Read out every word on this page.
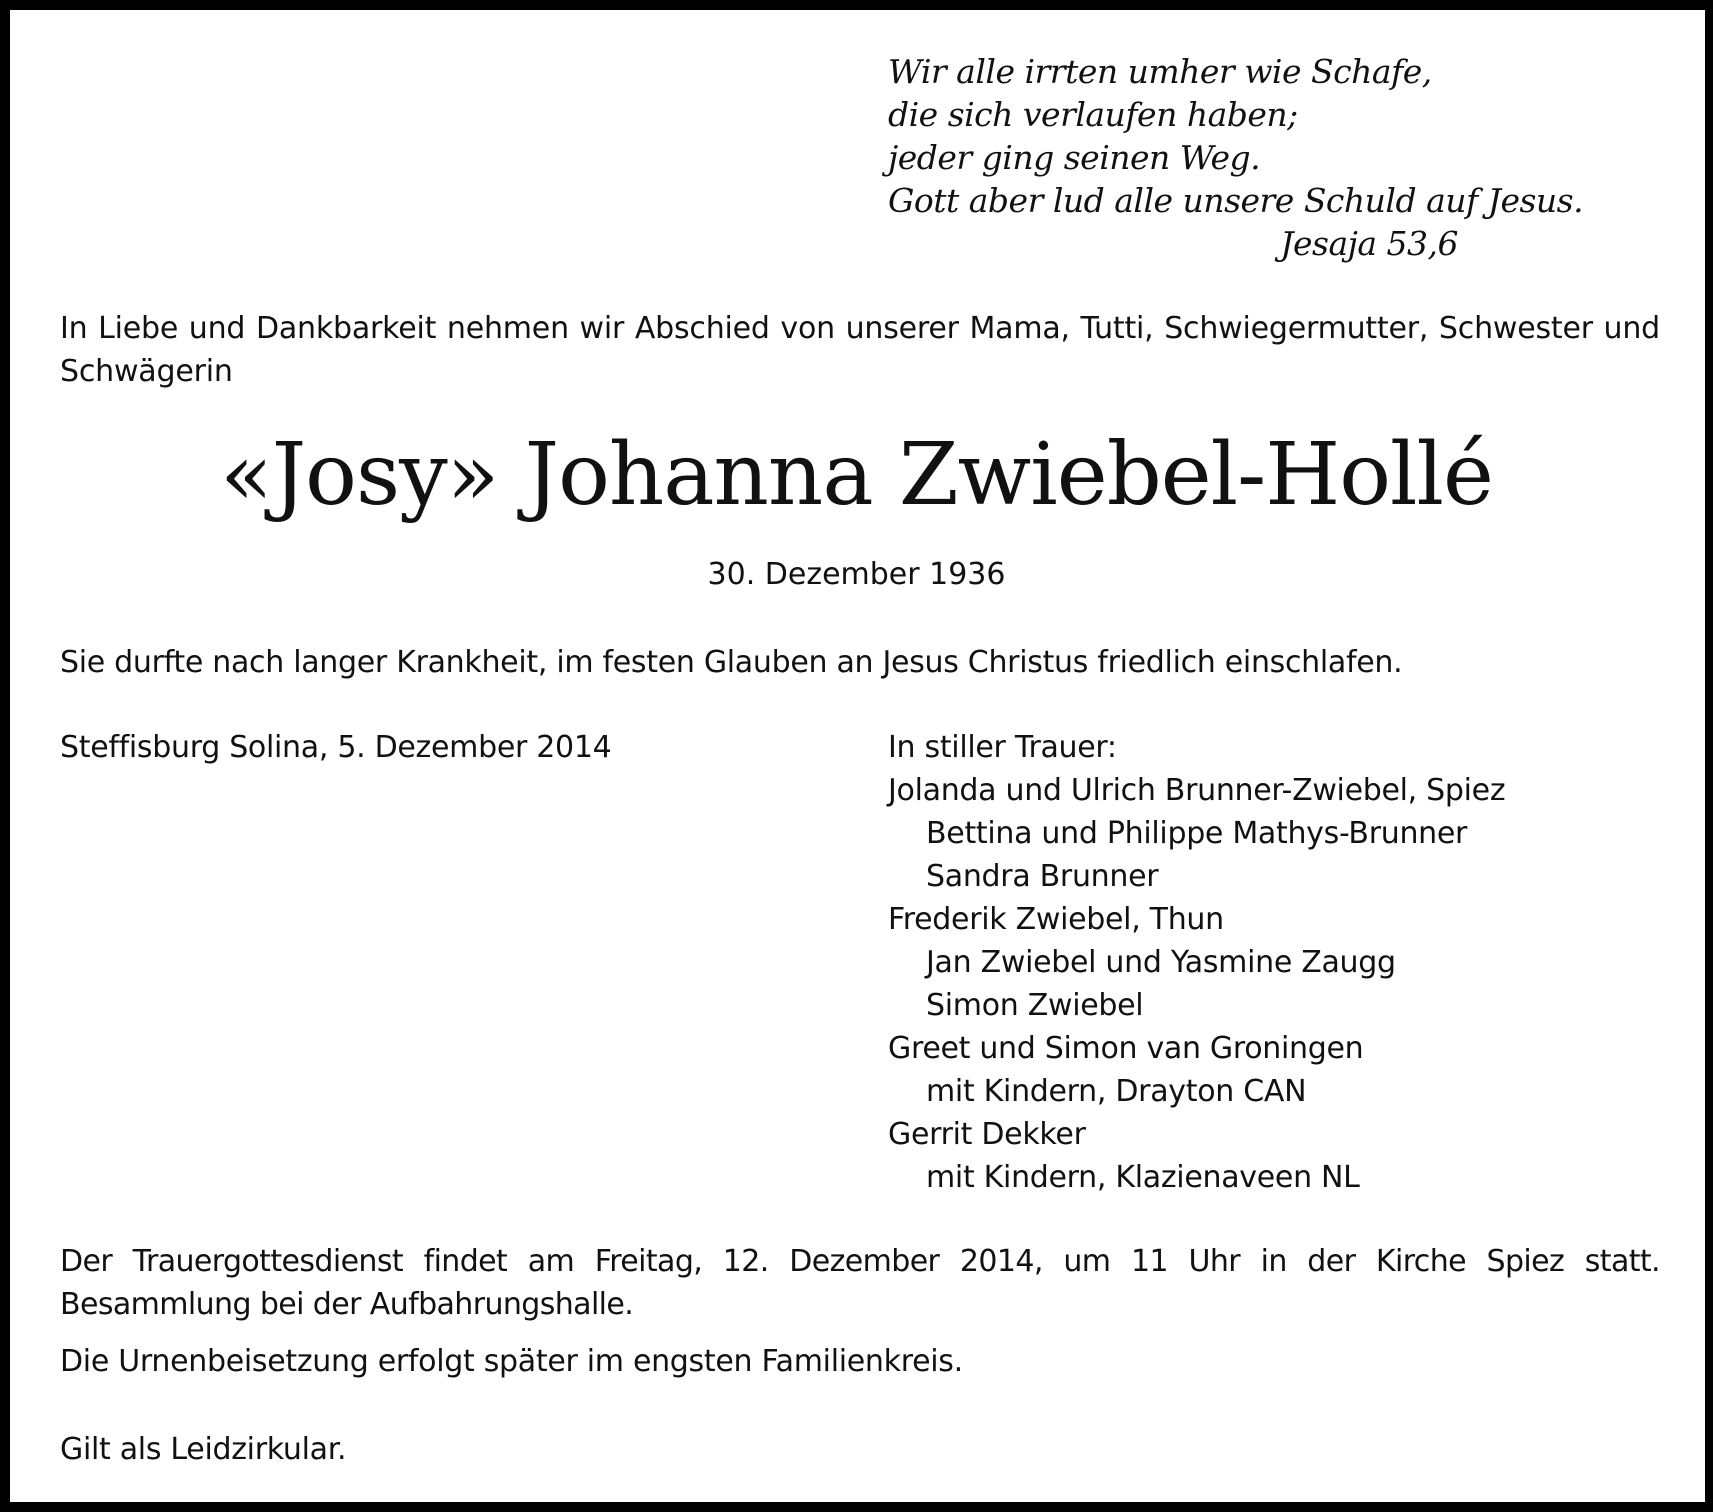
Wir alle irrten umher wie Schafe,
die sich verlaufen haben;
jeder ging seinen Weg.
Gott aber lud alle unsere Schuld auf Jesus.
Jesaja 53,6
In Liebe und Dankbarkeit nehmen wir Abschied von unserer Mama, Tutti, Schwiegermutter, Schwester und Schwägerin
«Josy» Johanna Zwiebel-Hollé
30. Dezember 1936
Sie durfte nach langer Krankheit, im festen Glauben an Jesus Christus friedlich einschlafen.
Steffisburg Solina, 5. Dezember 2014	In stiller Trauer:
Jolanda und Ulrich Brunner-Zwiebel, Spiez
Bettina und Philippe Mathys-Brunner
Sandra Brunner
Frederik Zwiebel, Thun
Jan Zwiebel und Yasmine Zaugg
Simon Zwiebel
Greet und Simon van Groningen
mit Kindern, Drayton CAN
Gerrit Dekker
mit Kindern, Klazienaveen NL
Der Trauergottesdienst findet am Freitag, 12. Dezember 2014, um 11 Uhr in der Kirche Spiez statt. Besammlung bei der Aufbahrungshalle.
Die Urnenbeisetzung erfolgt später im engsten Familienkreis.
Gilt als Leidzirkular.
